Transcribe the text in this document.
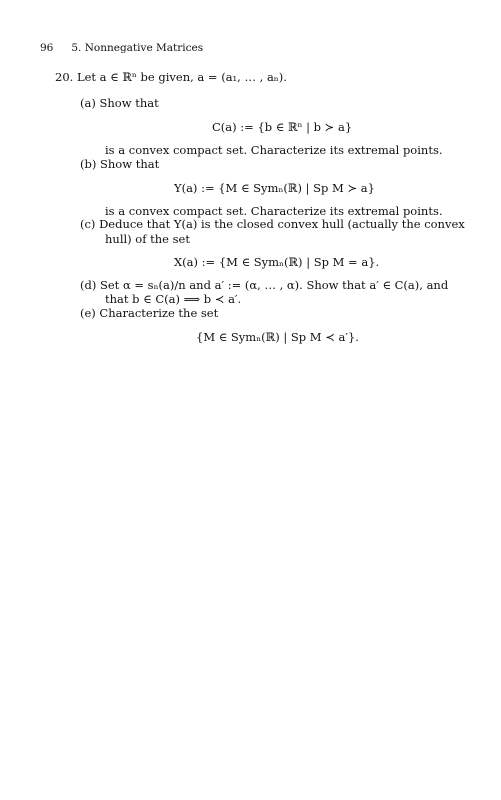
96 5. Nonnegative Matrices
20. Let a ∈ ℝⁿ be given, a = (a₁, … , aₙ).
(a) Show that
C(a) := {b ∈ ℝⁿ | b ≻ a}
is a convex compact set. Characterize its extremal points.
(b) Show that
Y(a) := {M ∈ Symₙ(ℝ) | Sp M ≻ a}
is a convex compact set. Characterize its extremal points.
(c) Deduce that Y(a) is the closed convex hull (actually the convex
hull) of the set
X(a) := {M ∈ Symₙ(ℝ) | Sp M = a}.
(d) Set α = sₙ(a)/n and a′ := (α, … , α). Show that a′ ∈ C(a), and
that b ∈ C(a) ⟹ b ≺ a′.
(e) Characterize the set
{M ∈ Symₙ(ℝ) | Sp M ≺ a′}.
